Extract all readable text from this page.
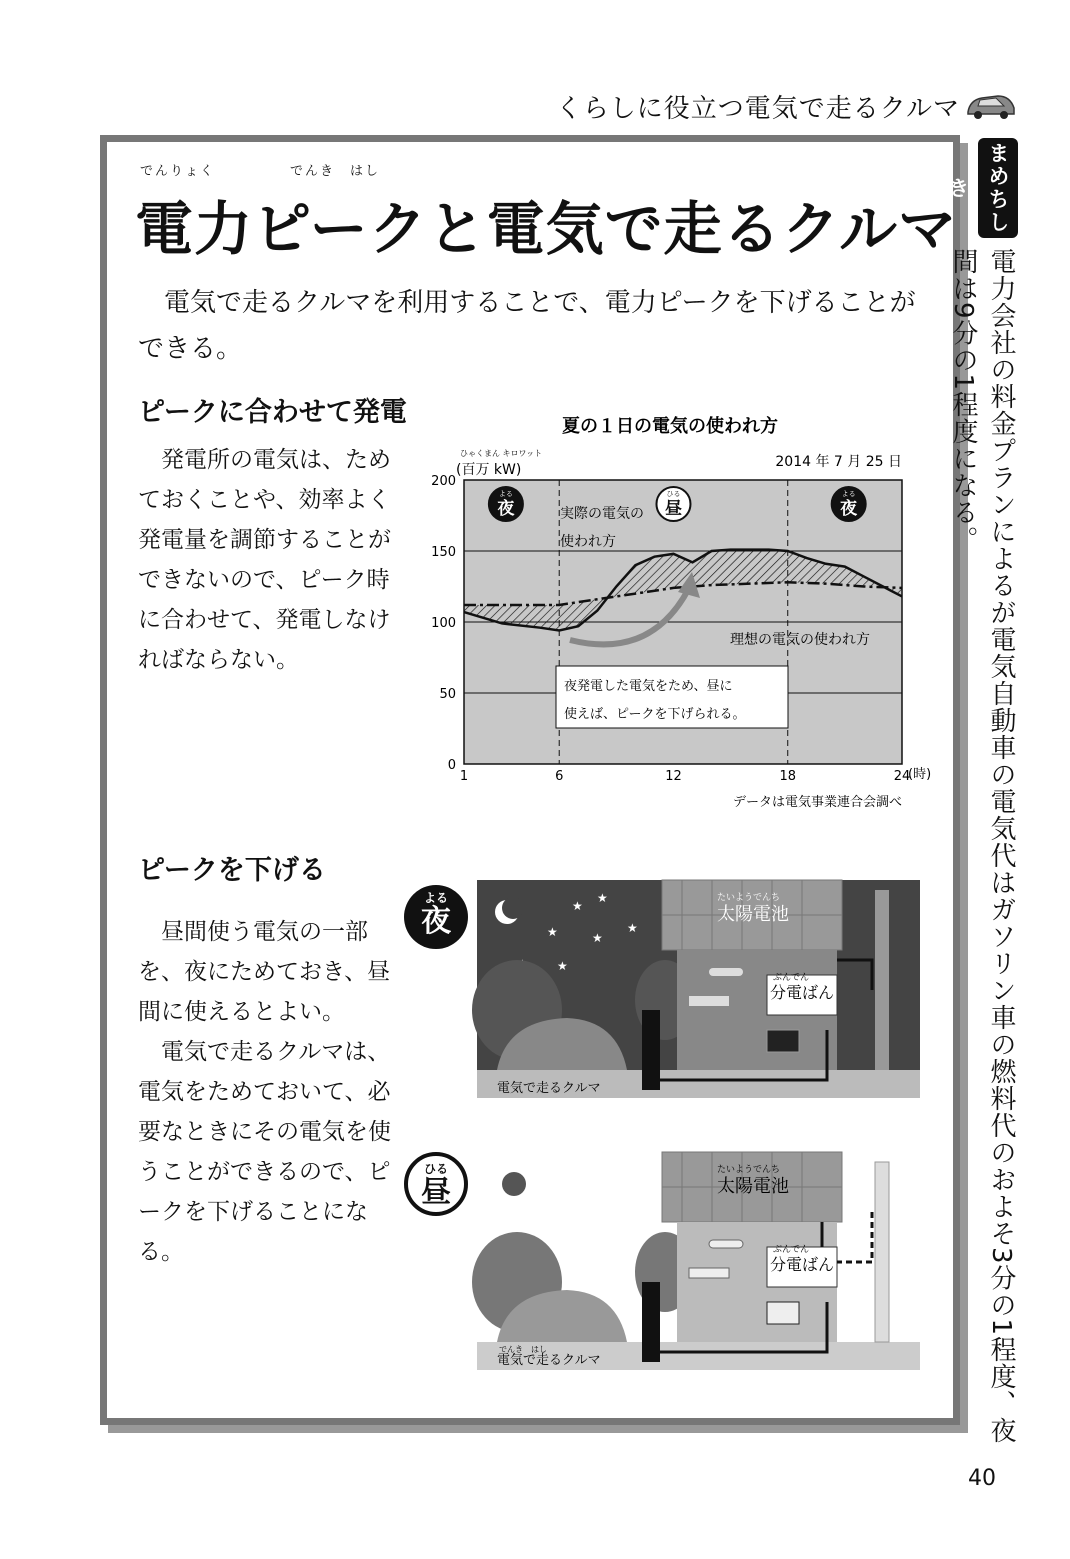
くらしに役立つ電気で走るクルマ
でんりょく　　　　　でんき　はし
電力ピークと電気で走るクルマ
電気で走るクルマを利用することで、電力ピークを下げることができる。
ピークに合わせて発電
発電所の電気は、ためておくことや、効率よく発電量を調節することができないので、ピーク時に合わせて、発電しなければならない。
夏の１日の電気の使われ方
2014 年 7 月 25 日
ひゃくまん キロワット
(百万 kW)
0
50
100
150
200
1	6	12	18	24
よる
夜
ひる
昼
よる
夜
実際の電気の
使われ方
理想の電気の使われ方
夜発電した電気をため、昼に
使えば、ピークを下げられる。
(時)
データは電気事業連合会調べ
ピークを下げる

昼間使う電気の一部を、夜にためておき、昼間に使えるとよい。

電気で走るクルマは、電気をためておいて、必要なときにその電気を使うことができるので、ピークを下げることになる。

よる
夜
ひる
昼
★
★
★	★
★
★
たいようでんち
太陽電池
ぶんでん
分電ばん
電気で走るクルマ
たいようでんち
太陽電池
ぶんでん
分電ばん
でんき　はし
電気で走るクルマ
まめちしき
電力会社の料金プランによるが電気自動車の電気代はガソリン車の燃料代のおよそ3分の1程度、夜間は9分の1程度になる。
40
